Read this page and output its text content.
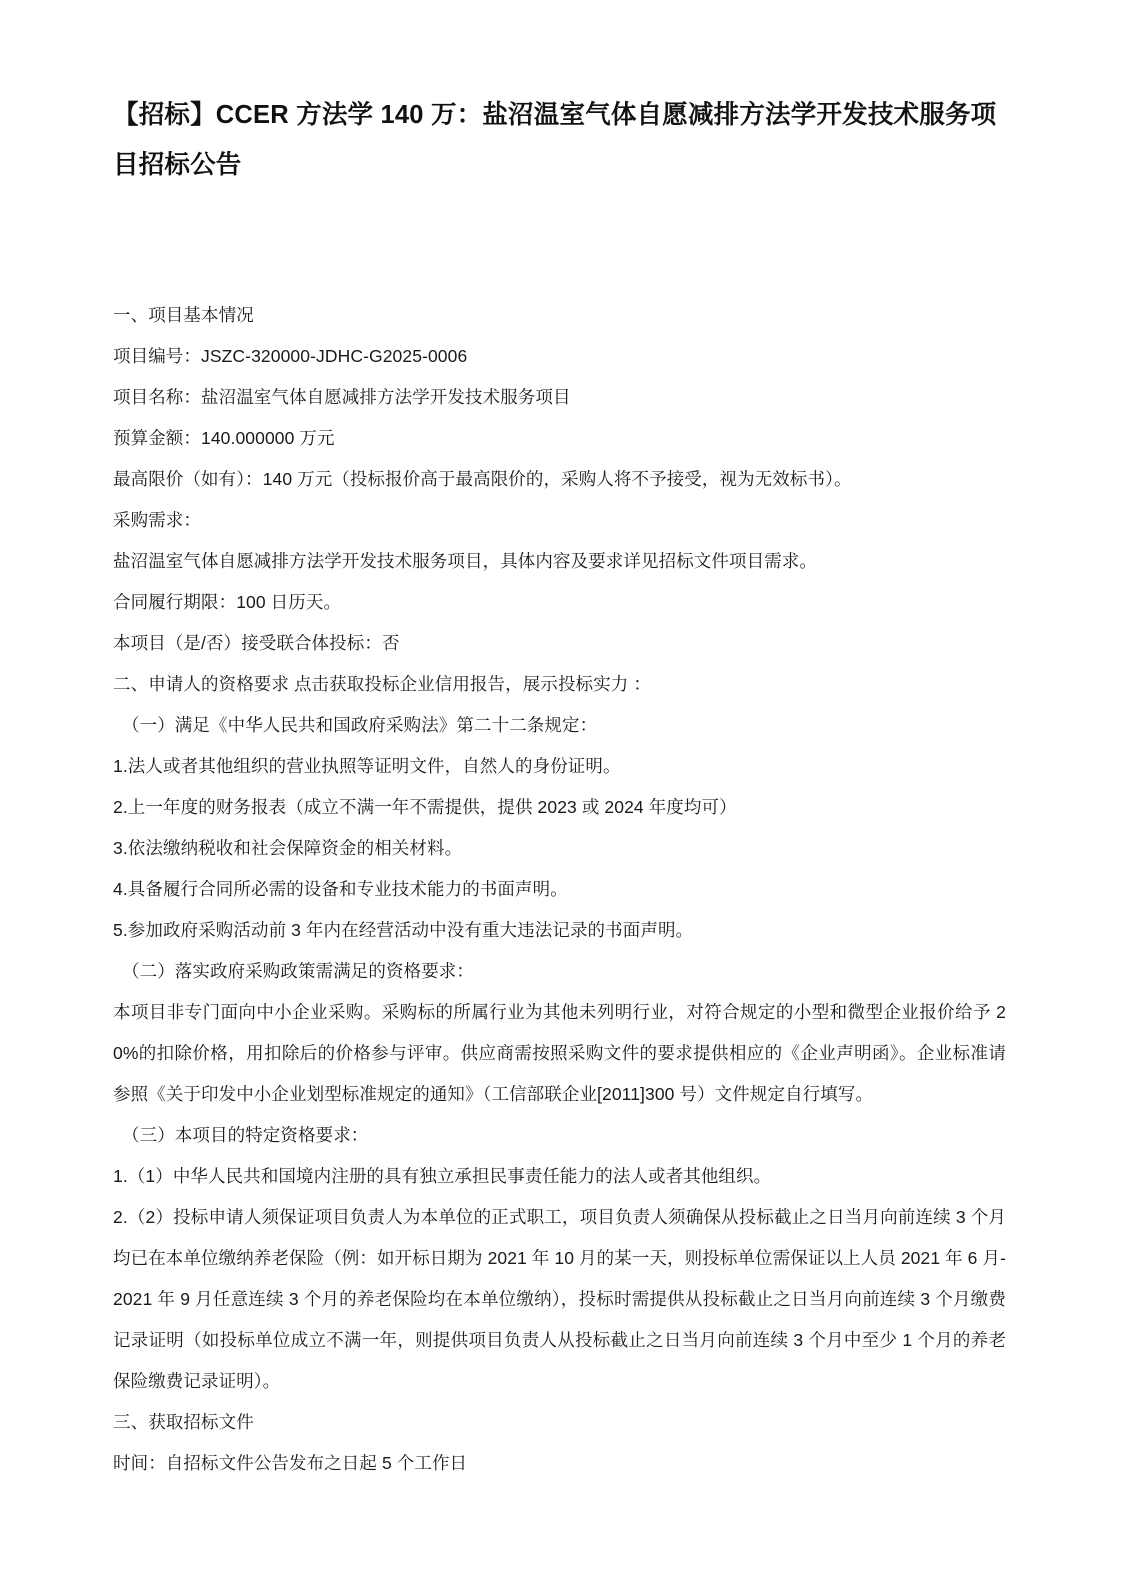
【招标】CCER 方法学 140 万：盐沼温室气体自愿减排方法学开发技术服务项目招标公告

一、项目基本情况

项目编号：JSZC-320000-JDHC-G2025-0006

项目名称：盐沼温室气体自愿减排方法学开发技术服务项目

预算金额：140.000000 万元

最高限价（如有）：140 万元（投标报价高于最高限价的，采购人将不予接受，视为无效标书）。

采购需求：

盐沼温室气体自愿减排方法学开发技术服务项目，具体内容及要求详见招标文件项目需求。

合同履行期限：100 日历天。

本项目（是/否）接受联合体投标：否

二、申请人的资格要求 点击获取投标企业信用报告，展示投标实力 ：

（一）满足《中华人民共和国政府采购法》第二十二条规定：

1.法人或者其他组织的营业执照等证明文件，自然人的身份证明。

2.上一年度的财务报表（成立不满一年不需提供，提供 2023 或 2024 年度均可）

3.依法缴纳税收和社会保障资金的相关材料。

4.具备履行合同所必需的设备和专业技术能力的书面声明。

5.参加政府采购活动前 3 年内在经营活动中没有重大违法记录的书面声明。

（二）落实政府采购政策需满足的资格要求：

本项目非专门面向中小企业采购。采购标的所属行业为其他未列明行业，对符合规定的小型和微型企业报价给予 20%的扣除价格，用扣除后的价格参与评审。供应商需按照采购文件的要求提供相应的《企业声明函》。企业标准请参照《关于印发中小企业划型标准规定的通知》（工信部联企业[2011]300 号）文件规定自行填写。

（三）本项目的特定资格要求：

1.（1）中华人民共和国境内注册的具有独立承担民事责任能力的法人或者其他组织。

2.（2）投标申请人须保证项目负责人为本单位的正式职工，项目负责人须确保从投标截止之日当月向前连续 3 个月均已在本单位缴纳养老保险（例：如开标日期为 2021 年 10 月的某一天，则投标单位需保证以上人员 2021 年 6 月-2021 年 9 月任意连续 3 个月的养老保险均在本单位缴纳），投标时需提供从投标截止之日当月向前连续 3 个月缴费记录证明（如投标单位成立不满一年，则提供项目负责人从投标截止之日当月向前连续 3 个月中至少 1 个月的养老保险缴费记录证明）。

三、获取招标文件

时间：自招标文件公告发布之日起 5 个工作日
